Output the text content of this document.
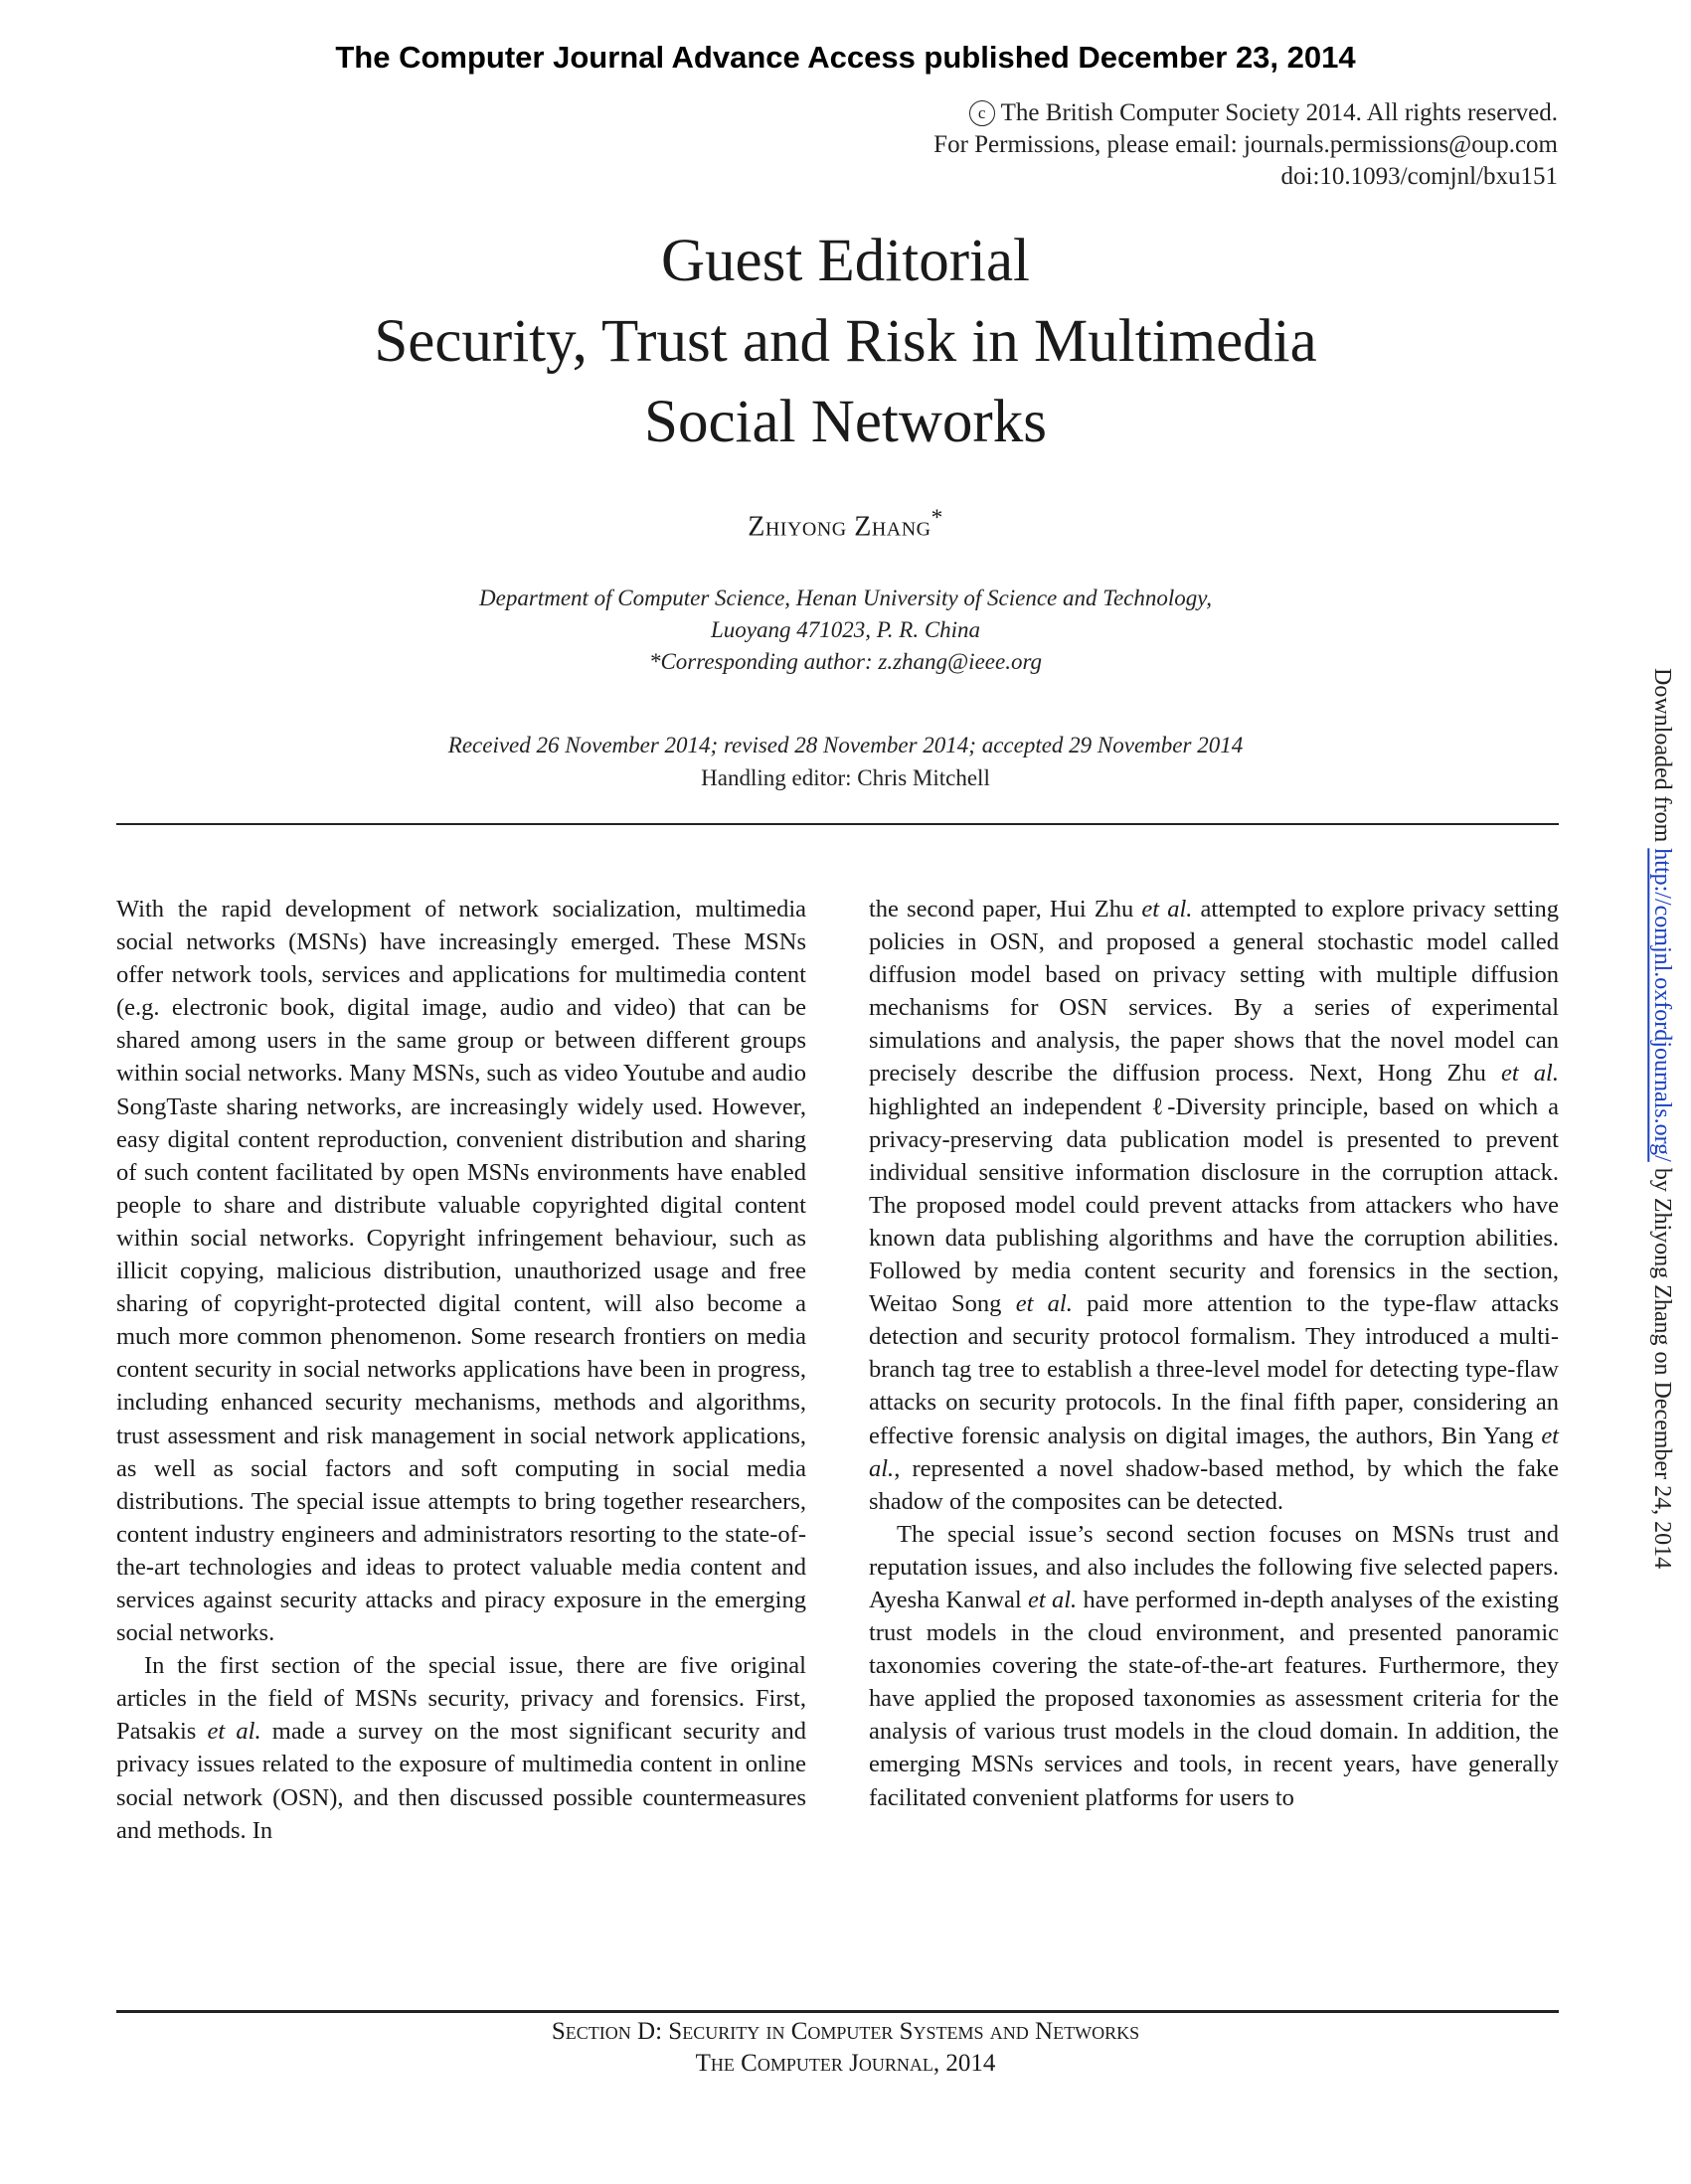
The Computer Journal Advance Access published December 23, 2014
c The British Computer Society 2014. All rights reserved.
For Permissions, please email: journals.permissions@oup.com
doi:10.1093/comjnl/bxu151
Guest Editorial
Security, Trust and Risk in Multimedia
Social Networks
Zhiyong Zhang*
Department of Computer Science, Henan University of Science and Technology,
Luoyang 471023, P. R. China
*Corresponding author: z.zhang@ieee.org
Received 26 November 2014; revised 28 November 2014; accepted 29 November 2014
Handling editor: Chris Mitchell

With the rapid development of network socialization, multimedia social networks (MSNs) have increasingly emerged. These MSNs offer network tools, services and applications for multimedia content (e.g. electronic book, digital image, audio and video) that can be shared among users in the same group or between different groups within social networks. Many MSNs, such as video Youtube and audio SongTaste sharing networks, are increasingly widely used. However, easy digital content reproduction, convenient distribution and sharing of such content facilitated by open MSNs environments have enabled people to share and distribute valuable copyrighted digital content within social networks. Copyright infringement behaviour, such as illicit copying, malicious distribution, unauthorized usage and free sharing of copyright-protected digital content, will also become a much more common phenomenon. Some research frontiers on media content security in social networks applications have been in progress, including enhanced security mechanisms, methods and algorithms, trust assessment and risk management in social network applications, as well as social factors and soft computing in social media distributions. The special issue attempts to bring together researchers, content industry engineers and administrators resorting to the state-of-the-art technologies and ideas to protect valuable media content and services against security attacks and piracy exposure in the emerging social networks.

In the first section of the special issue, there are five original articles in the field of MSNs security, privacy and forensics. First, Patsakis et al. made a survey on the most significant security and privacy issues related to the exposure of multimedia content in online social network (OSN), and then discussed possible countermeasures and methods. In

the second paper, Hui Zhu et al. attempted to explore privacy setting policies in OSN, and proposed a general stochastic model called diffusion model based on privacy setting with multiple diffusion mechanisms for OSN services. By a series of experimental simulations and analysis, the paper shows that the novel model can precisely describe the diffusion process. Next, Hong Zhu et al. highlighted an independent ℓ-Diversity principle, based on which a privacy-preserving data publication model is presented to prevent individual sensitive information disclosure in the corruption attack. The proposed model could prevent attacks from attackers who have known data publishing algorithms and have the corruption abilities. Followed by media content security and forensics in the section, Weitao Song et al. paid more attention to the type-flaw attacks detection and security protocol formalism. They introduced a multi-branch tag tree to establish a three-level model for detecting type-flaw attacks on security protocols. In the final fifth paper, considering an effective forensic analysis on digital images, the authors, Bin Yang et al., represented a novel shadow-based method, by which the fake shadow of the composites can be detected.

The special issue’s second section focuses on MSNs trust and reputation issues, and also includes the following five selected papers. Ayesha Kanwal et al. have performed in-depth analyses of the existing trust models in the cloud environment, and presented panoramic taxonomies covering the state-of-the-art features. Furthermore, they have applied the proposed taxonomies as assessment criteria for the analysis of various trust models in the cloud domain. In addition, the emerging MSNs services and tools, in recent years, have generally facilitated convenient platforms for users to

Downloaded from http://comjnl.oxfordjournals.org/ by Zhiyong Zhang on December 24, 2014
Section D: Security in Computer Systems and Networks
The Computer Journal, 2014
